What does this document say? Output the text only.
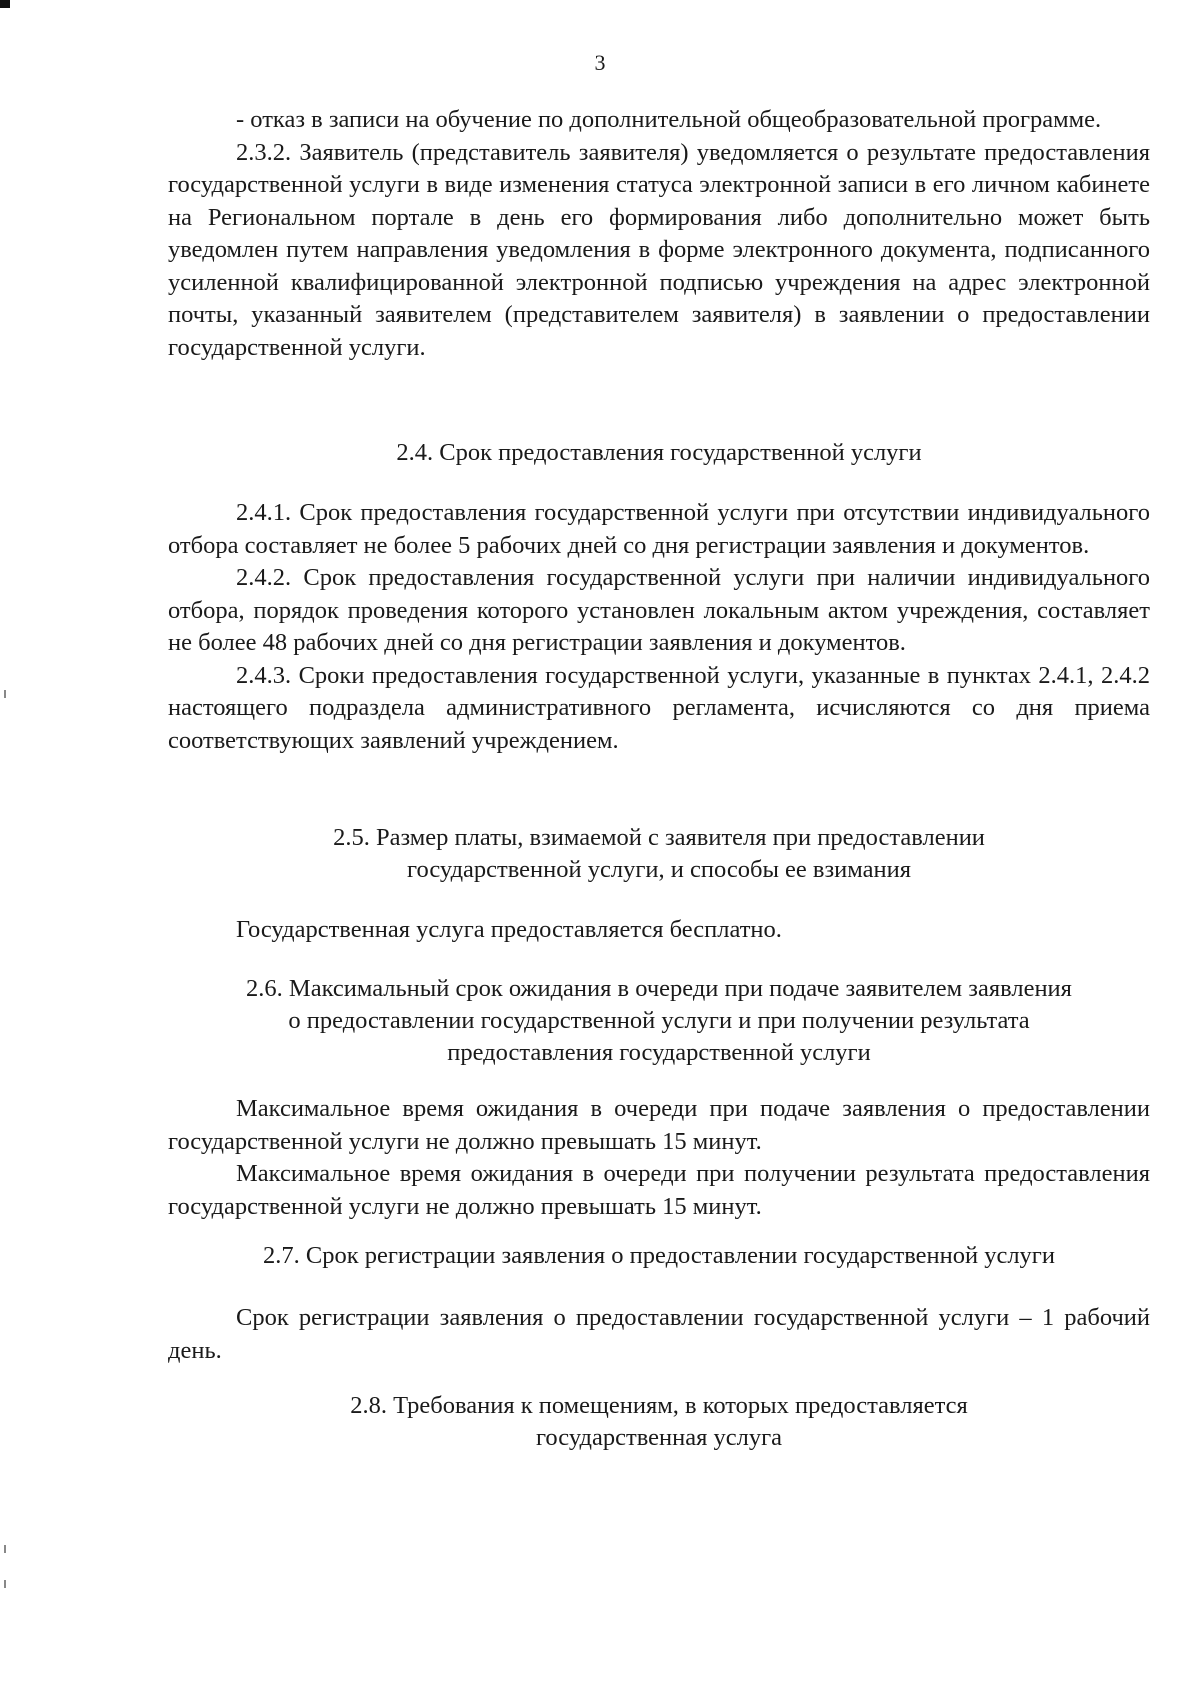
3

- отказ в записи на обучение по дополнительной общеобразовательной программе.

2.3.2. Заявитель (представитель заявителя) уведомляется о результате предоставления государственной услуги в виде изменения статуса электронной записи в его личном кабинете на Региональном портале в день его формирования либо дополнительно может быть уведомлен путем направления уведомления в форме электронного документа, подписанного усиленной квалифицированной электронной подписью учреждения на адрес электронной почты, указанный заявителем (представителем заявителя) в заявлении о предоставлении государственной услуги.

2.4. Срок предоставления государственной услуги

2.4.1. Срок предоставления государственной услуги при отсутствии индивидуального отбора составляет не более 5 рабочих дней со дня регистрации заявления и документов.

2.4.2. Срок предоставления государственной услуги при наличии индивидуального отбора, порядок проведения которого установлен локальным актом учреждения, составляет не более 48 рабочих дней со дня регистрации заявления и документов.

2.4.3. Сроки предоставления государственной услуги, указанные в пунктах 2.4.1, 2.4.2 настоящего подраздела административного регламента, исчисляются со дня приема соответствующих заявлений учреждением.

2.5. Размер платы, взимаемой с заявителя при предоставлении

государственной услуги, и способы ее взимания

Государственная услуга предоставляется бесплатно.

2.6. Максимальный срок ожидания в очереди при подаче заявителем заявления

о предоставлении государственной услуги и при получении результата

предоставления государственной услуги

Максимальное время ожидания в очереди при подаче заявления о предоставлении государственной услуги не должно превышать 15 минут.

Максимальное время ожидания в очереди при получении результата предоставления государственной услуги не должно превышать 15 минут.

2.7. Срок регистрации заявления о предоставлении государственной услуги

Срок регистрации заявления о предоставлении государственной услуги – 1 рабочий день.

2.8. Требования к помещениям, в которых предоставляется

государственная услуга
